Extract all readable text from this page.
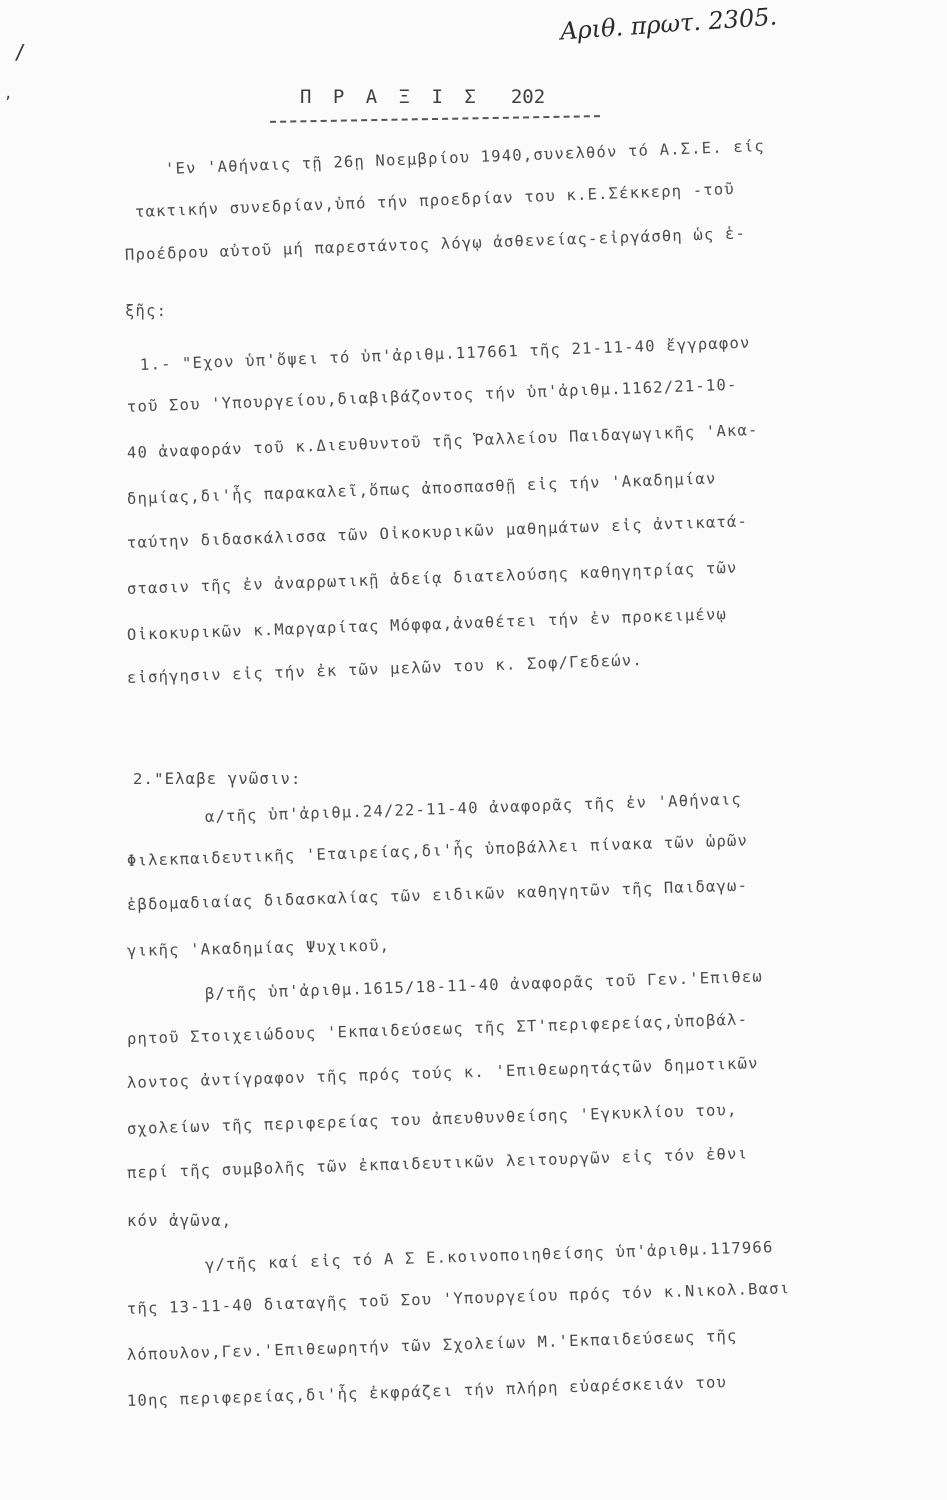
/
,
Αριθ. πρωτ. 2305.
Π Ρ Α Ξ Ι Σ 202
'Εν 'Αθήναις τῇ 26ῃ Νοεμβρίου 1940,συνελθόν τό Α.Σ.Ε. είς
τακτικήν συνεδρίαν,ὑπό τήν προεδρίαν του κ.Ε.Σέκκερη -τοῦ
Προέδρου αὐτοῦ μή παρεστάντος λόγῳ ἀσθενείας-εἰργάσθη ὡς ἑ-
ξῆς:
1.- "Εχον ὑπ'ὄψει τό ὑπ'ἀριθμ.117661 τῆς 21-11-40 ἔγγραφον
τοῦ Σου 'Υπουργείου,διαβιβάζοντος τήν ὑπ'ἀριθμ.1162/21-10-
40 ἀναφοράν τοῦ κ.Διευθυντοῦ τῆς Ῥαλλείου Παιδαγωγικῆς 'Ακα-
δημίας,δι'ἧς παρακαλεῖ,ὅπως ἀποσπασθῇ εἰς τήν 'Ακαδημίαν
ταύτην διδασκάλισσα τῶν Οἰκοκυρικῶν μαθημάτων εἰς ἀντικατά-
στασιν τῆς ἐν ἀναρρωτικῇ ἀδείᾳ διατελούσης καθηγητρίας τῶν
Οἰκοκυρικῶν κ.Μαργαρίτας Μόφφα,ἀναθέτει τήν ἐν προκειμένῳ
εἰσήγησιν εἰς τήν ἐκ τῶν μελῶν του κ. Σοφ/Γεδεών.
2."Ελαβε γνῶσιν:
α/τῆς ὑπ'ἀριθμ.24/22-11-40 ἀναφορᾶς τῆς ἐν 'Αθήναις
Φιλεκπαιδευτικῆς 'Εταιρείας,δι'ἧς ὑποβάλλει πίνακα τῶν ὡρῶν
ἑβδομαδιαίας διδασκαλίας τῶν ειδικῶν καθηγητῶν τῆς Παιδαγω-
γικῆς 'Ακαδημίας Ψυχικοῦ,
β/τῆς ὑπ'ἀριθμ.1615/18-11-40 ἀναφορᾶς τοῦ Γεν.'Επιθεω
ρητοῦ Στοιχειώδους 'Εκπαιδεύσεως τῆς ΣΤ'περιφερείας,ὑποβάλ-
λοντος ἀντίγραφον τῆς πρός τούς κ. 'Επιθεωρητάςτῶν δημοτικῶν
σχολείων τῆς περιφερείας του ἀπευθυνθείσης 'Εγκυκλίου του,
περί τῆς συμβολῆς τῶν ἐκπαιδευτικῶν λειτουργῶν εἰς τόν ἐθνι
κόν ἀγῶνα,
γ/τῆς καί εἰς τό Α Σ Ε.κοινοποιηθείσης ὑπ'ἀριθμ.117966
τῆς 13-11-40 διαταγῆς τοῦ Σου 'Υπουργείου πρός τόν κ.Νικολ.Βασι
λόπουλον,Γεν.'Επιθεωρητήν τῶν Σχολείων Μ.'Εκπαιδεύσεως τῆς
10ης περιφερείας,δι'ἧς ἐκφράζει τήν πλήρη εὐαρέσκειάν του
